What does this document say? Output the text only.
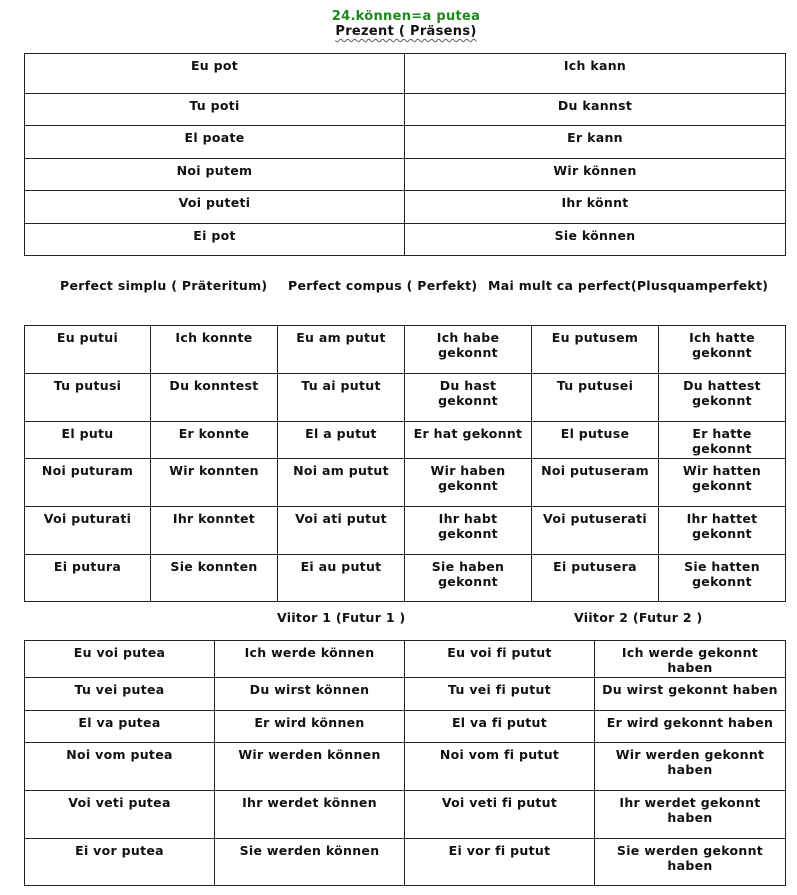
24.können=a putea
Prezent ( Präsens)
Eu pot	Ich kann
Tu poti	Du kannst
El poate	Er kann
Noi putem	Wir können
Voi puteti	Ihr könnt
Ei pot	Sie können
Perfect simplu ( Präteritum) Perfect compus ( Perfekt) Mai mult ca perfect(Plusquamperfekt)
Eu putui	Ich konnte	Eu am putut	Ich habe gekonnt	Eu putusem	Ich hatte gekonnt
Tu putusi	Du konntest	Tu ai putut	Du hast gekonnt	Tu putusei	Du hattest gekonnt
El putu	Er konnte	El a putut	Er hat gekonnt	El putuse	Er hatte gekonnt
Noi puturam	Wir konnten	Noi am putut	Wir haben gekonnt	Noi putuseram	Wir hatten gekonnt
Voi puturati	Ihr konntet	Voi ati putut	Ihr habt gekonnt	Voi putuserati	Ihr hattet gekonnt
Ei putura	Sie konnten	Ei au putut	Sie haben gekonnt	Ei putusera	Sie hatten gekonnt
Viitor 1 (Futur 1 )	Viitor 2 (Futur 2 )
Eu voi putea	Ich werde können	Eu voi fi putut	Ich werde gekonnt haben
Tu vei putea	Du wirst können	Tu vei fi putut	Du wirst gekonnt haben
El va putea	Er wird können	El va fi putut	Er wird gekonnt haben
Noi vom putea	Wir werden können	Noi vom fi putut	Wir werden gekonnt haben
Voi veti putea	Ihr werdet können	Voi veti fi putut	Ihr werdet gekonnt haben
Ei vor putea	Sie werden können	Ei vor fi putut	Sie werden gekonnt haben
